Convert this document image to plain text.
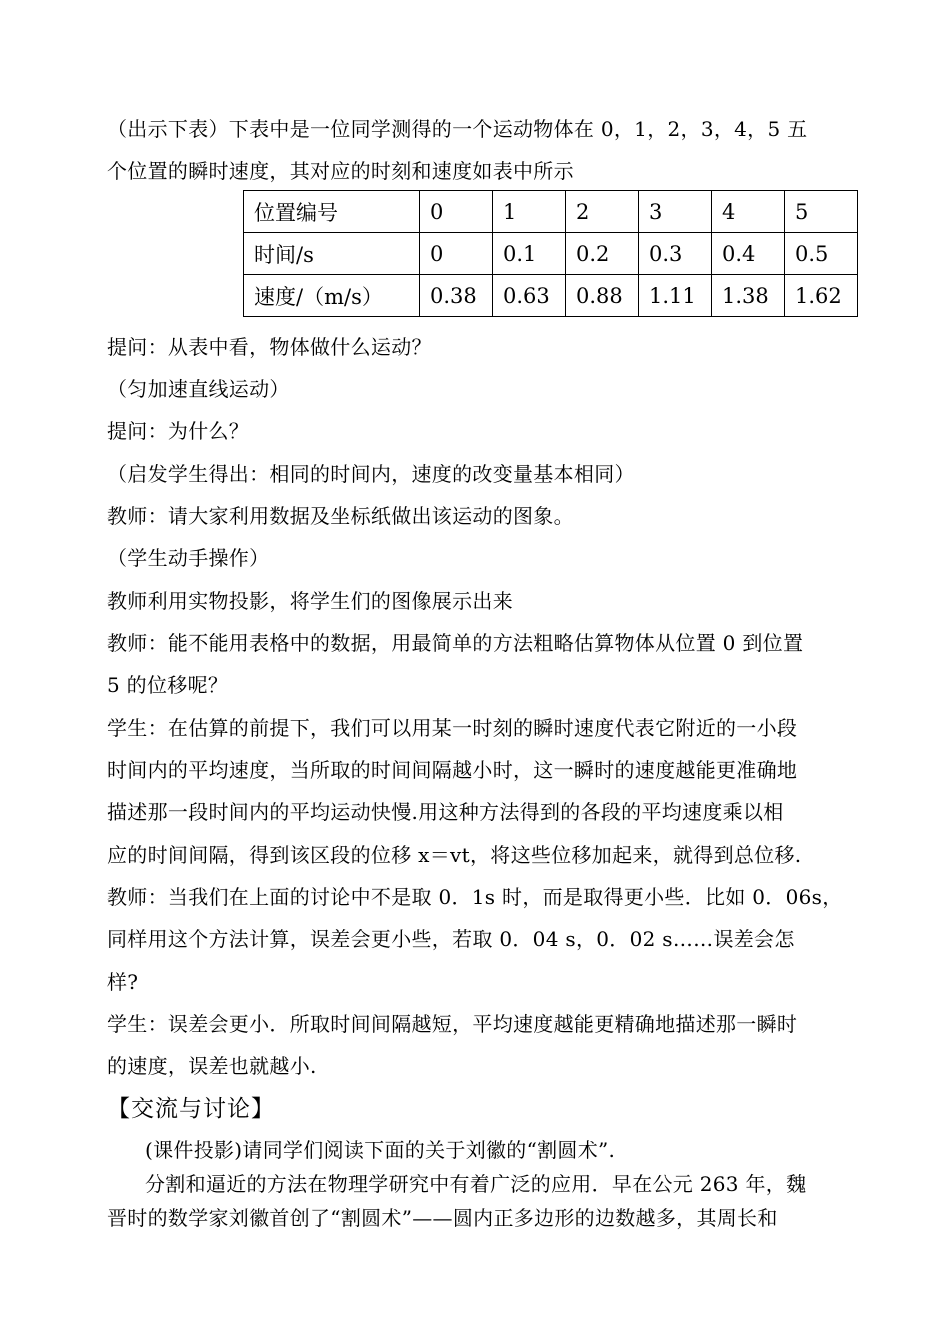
（出示下表）下表中是一位同学测得的一个运动物体在 0，1，2，3，4，5 五
个位置的瞬时速度，其对应的时刻和速度如表中所示
位置编号	0	1	2	3	4	5
时间/s	0	0.1	0.2	0.3	0.4	0.5
速度/（m/s）	0.38	0.63	0.88	1.11	1.38	1.62
提问：从表中看，物体做什么运动？
（匀加速直线运动）
提问：为什么？
（启发学生得出：相同的时间内，速度的改变量基本相同）
教师：请大家利用数据及坐标纸做出该运动的图象。
（学生动手操作）
教师利用实物投影，将学生们的图像展示出来
教师：能不能用表格中的数据，用最简单的方法粗略估算物体从位置 0 到位置
5 的位移呢？
学生：在估算的前提下，我们可以用某一时刻的瞬时速度代表它附近的一小段
时间内的平均速度，当所取的时间间隔越小时，这一瞬时的速度越能更准确地
描述那一段时间内的平均运动快慢.用这种方法得到的各段的平均速度乘以相
应的时间间隔，得到该区段的位移 x＝vt，将这些位移加起来，就得到总位移.
教师：当我们在上面的讨论中不是取 0．1s 时，而是取得更小些．比如 0．06s，
同样用这个方法计算，误差会更小些，若取 0．04 s，0．02 s……误差会怎
样?
学生：误差会更小．所取时间间隔越短，平均速度越能更精确地描述那一瞬时
的速度，误差也就越小.
【交流与讨论】
(课件投影)请同学们阅读下面的关于刘徽的“割圆术”.
分割和逼近的方法在物理学研究中有着广泛的应用．早在公元 263 年，魏
晋时的数学家刘徽首创了“割圆术”——圆内正多边形的边数越多，其周长和
